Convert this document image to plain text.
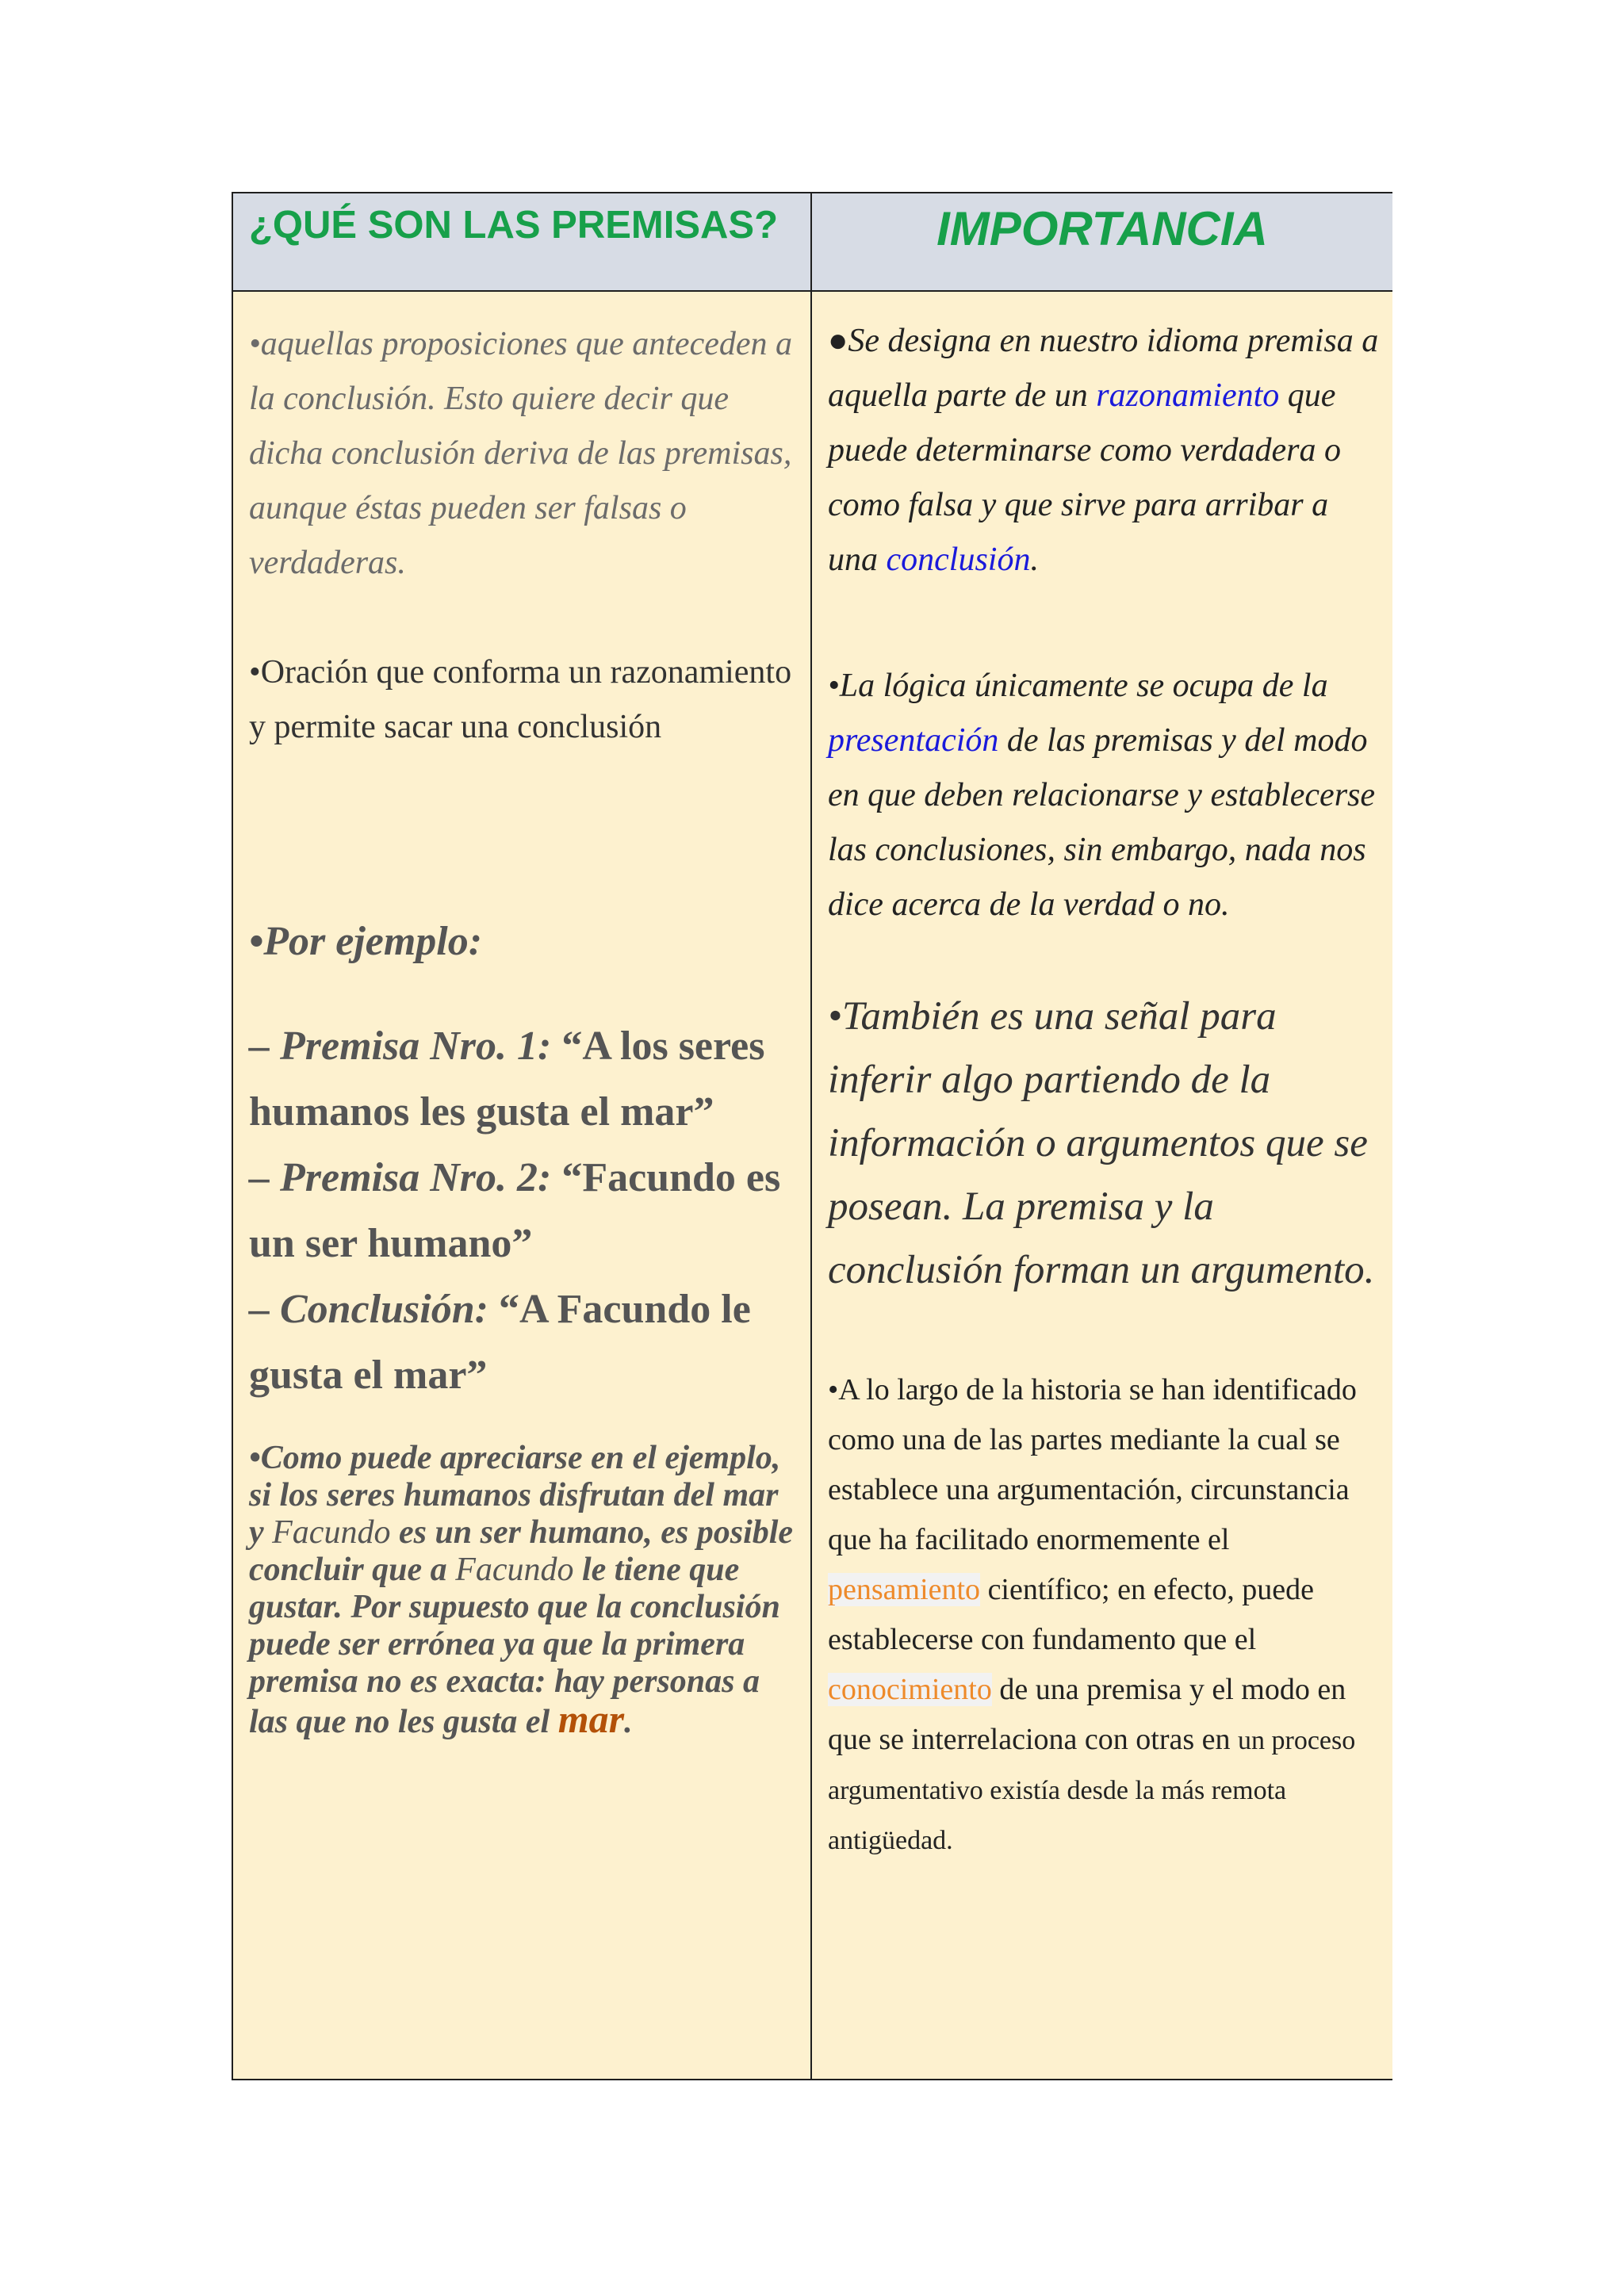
¿QUÉ SON LAS PREMISAS?	IMPORTANCIA

•aquellas proposiciones que anteceden a la conclusión. Esto quiere decir que dicha conclusión deriva de las premisas, aunque éstas pueden ser falsas o verdaderas.

•Oración que conforma un razonamiento y permite sacar una conclusión

•Por ejemplo:

– Premisa Nro. 1: “A los seres humanos les gusta el mar”
– Premisa Nro. 2: “Facundo es un ser humano”
– Conclusión: “A Facundo le gusta el mar”

•Como puede apreciarse en el ejemplo, si los seres humanos disfrutan del mar y Facundo es un ser humano, es posible concluir que a Facundo le tiene que gustar. Por supuesto que la conclusión puede ser errónea ya que la primera premisa no es exacta: hay personas a las que no les gusta el mar.

●Se designa en nuestro idioma premisa a aquella parte de un razonamiento que puede determinarse como verdadera o como falsa y que sirve para arribar a una conclusión.

•La lógica únicamente se ocupa de la presentación de las premisas y del modo en que deben relacionarse y establecerse las conclusiones, sin embargo, nada nos dice acerca de la verdad o no.

•También es una señal para inferir algo partiendo de la información o argumentos que se posean. La premisa y la conclusión forman un argumento.

•A lo largo de la historia se han identificado como una de las partes mediante la cual se establece una argumentación, circunstancia que ha facilitado enormemente el pensamiento científico; en efecto, puede establecerse con fundamento que el conocimiento de una premisa y el modo en que se interrelaciona con otras en un proceso argumentativo existía desde la más remota antigüedad.
